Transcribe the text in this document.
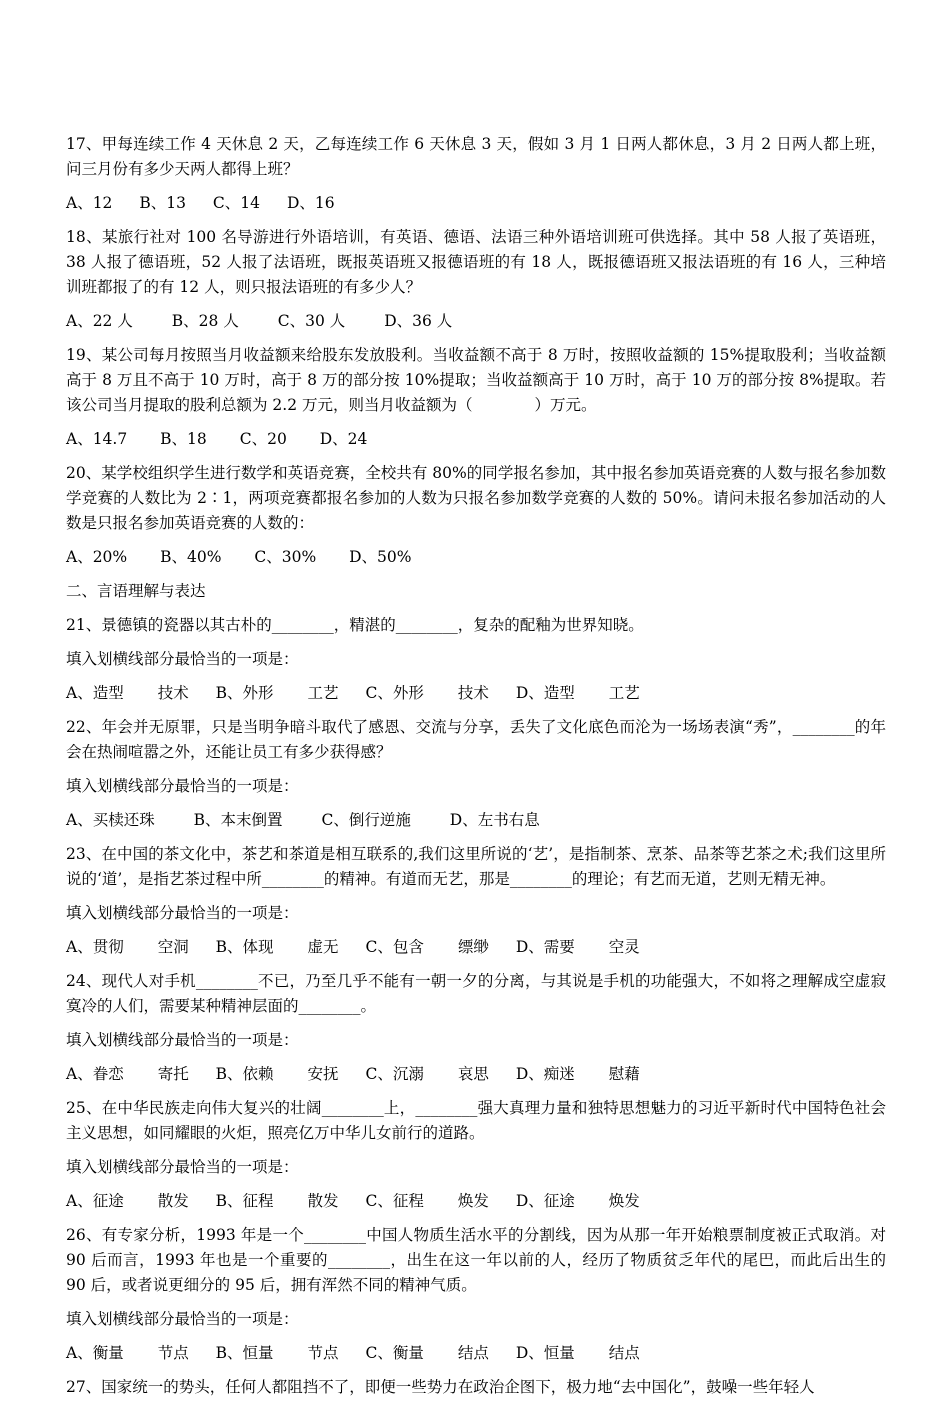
17、甲每连续工作 4 天休息 2 天，乙每连续工作 6 天休息 3 天，假如 3 月 1 日两人都休息，3 月 2 日两人都上班，问三月份有多少天两人都得上班？

A、12 B、13 C、14 D、16

18、某旅行社对 100 名导游进行外语培训，有英语、德语、法语三种外语培训班可供选择。其中 58 人报了英语班，38 人报了德语班，52 人报了法语班，既报英语班又报德语班的有 18 人，既报德语班又报法语班的有 16 人，三种培训班都报了的有 12 人，则只报法语班的有多少人？

A、22 人	B、28 人	C、30 人	D、36 人

19、某公司每月按照当月收益额来给股东发放股利。当收益额不高于 8 万时，按照收益额的 15%提取股利；当收益额高于 8 万且不高于 10 万时，高于 8 万的部分按 10%提取；当收益额高于 10 万时，高于 10 万的部分按 8%提取。若该公司当月提取的股利总额为 2.2 万元，则当月收益额为（　　　　）万元。

A、14.7 B、18 C、20 D、24

20、某学校组织学生进行数学和英语竞赛，全校共有 80%的同学报名参加，其中报名参加英语竞赛的人数与报名参加数学竞赛的人数比为 2∶1，两项竞赛都报名参加的人数为只报名参加数学竞赛的人数的 50%。请问未报名参加活动的人数是只报名参加英语竞赛的人数的：

A、20% B、40% C、30% D、50%
二、言语理解与表达

21、景德镇的瓷器以其古朴的________，精湛的________，复杂的配釉为世界知晓。

填入划横线部分最恰当的一项是：
A、造型 技术 B、外形 工艺 C、外形 技术 D、造型 工艺

22、年会并无原罪，只是当明争暗斗取代了感恩、交流与分享，丢失了文化底色而沦为一场场表演“秀”，________的年会在热闹喧嚣之外，还能让员工有多少获得感？

填入划横线部分最恰当的一项是：
A、买椟还珠	B、本末倒置	C、倒行逆施	D、左书右息

23、在中国的茶文化中，茶艺和茶道是相互联系的,我们这里所说的‘艺’，是指制茶、烹茶、品茶等艺茶之术;我们这里所说的‘道’，是指艺茶过程中所________的精神。有道而无艺，那是________的理论；有艺而无道，艺则无精无神。

填入划横线部分最恰当的一项是：
A、贯彻 空洞 B、体现 虚无 C、包含 缥缈 D、需要 空灵

24、现代人对手机________不已，乃至几乎不能有一朝一夕的分离，与其说是手机的功能强大，不如将之理解成空虚寂寞冷的人们，需要某种精神层面的________。

填入划横线部分最恰当的一项是：
A、眷恋 寄托 B、依赖 安抚 C、沉溺 哀思 D、痴迷 慰藉

25、在中华民族走向伟大复兴的壮阔________上，________强大真理力量和独特思想魅力的习近平新时代中国特色社会主义思想，如同耀眼的火炬，照亮亿万中华儿女前行的道路。

填入划横线部分最恰当的一项是：
A、征途 散发 B、征程 散发 C、征程 焕发 D、征途 焕发

26、有专家分析，1993 年是一个________中国人物质生活水平的分割线，因为从那一年开始粮票制度被正式取消。对 90 后而言，1993 年也是一个重要的________，出生在这一年以前的人，经历了物质贫乏年代的尾巴，而此后出生的 90 后，或者说更细分的 95 后，拥有浑然不同的精神气质。

填入划横线部分最恰当的一项是：
A、衡量 节点 B、恒量 节点 C、衡量 结点 D、恒量 结点

27、国家统一的势头，任何人都阻挡不了，即便一些势力在政治企图下，极力地“去中国化”，鼓噪一些年轻人
